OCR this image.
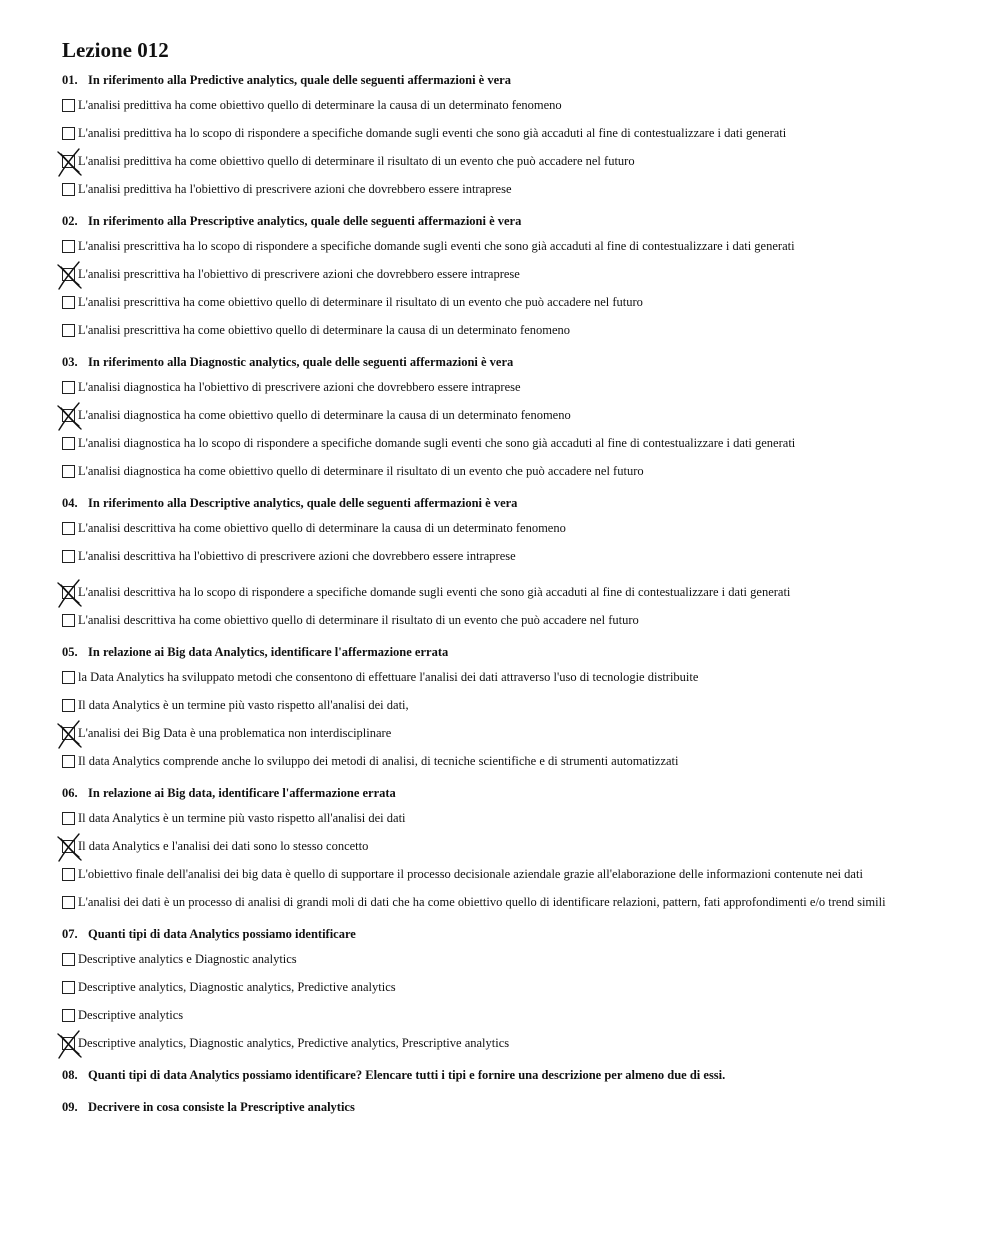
Lezione 012
01. In riferimento alla Predictive analytics, quale delle seguenti affermazioni è vera
L'analisi predittiva ha come obiettivo quello di determinare la causa di un determinato fenomeno
L'analisi predittiva ha lo scopo di rispondere a specifiche domande sugli eventi che sono già accaduti al fine di contestualizzare i dati generati
L'analisi predittiva ha come obiettivo quello di determinare il risultato di un evento che può accadere nel futuro
L'analisi predittiva ha l'obiettivo di prescrivere azioni che dovrebbero essere intraprese
02. In riferimento alla Prescriptive analytics, quale delle seguenti affermazioni è vera
L'analisi prescrittiva ha lo scopo di rispondere a specifiche domande sugli eventi che sono già accaduti al fine di contestualizzare i dati generati
L'analisi prescrittiva ha l'obiettivo di prescrivere azioni che dovrebbero essere intraprese
L'analisi prescrittiva ha come obiettivo quello di determinare il risultato di un evento che può accadere nel futuro
L'analisi prescrittiva ha come obiettivo quello di determinare la causa di un determinato fenomeno
03. In riferimento alla Diagnostic analytics, quale delle seguenti affermazioni è vera
L'analisi diagnostica ha l'obiettivo di prescrivere azioni che dovrebbero essere intraprese
L'analisi diagnostica ha come obiettivo quello di determinare la causa di un determinato fenomeno
L'analisi diagnostica ha lo scopo di rispondere a specifiche domande sugli eventi che sono già accaduti al fine di contestualizzare i dati generati
L'analisi diagnostica ha come obiettivo quello di determinare il risultato di un evento che può accadere nel futuro
04. In riferimento alla Descriptive analytics, quale delle seguenti affermazioni è vera
L'analisi descrittiva ha come obiettivo quello di determinare la causa di un determinato fenomeno
L'analisi descrittiva ha l'obiettivo di prescrivere azioni che dovrebbero essere intraprese
L'analisi descrittiva ha lo scopo di rispondere a specifiche domande sugli eventi che sono già accaduti al fine di contestualizzare i dati generati
L'analisi descrittiva ha come obiettivo quello di determinare il risultato di un evento che può accadere nel futuro
05. In relazione ai Big data Analytics, identificare l'affermazione errata
la Data Analytics ha sviluppato metodi che consentono di effettuare l'analisi dei dati attraverso l'uso di tecnologie distribuite
Il data Analytics è un termine più vasto rispetto all'analisi dei dati,
L'analisi dei Big Data è una problematica non interdisciplinare
Il data Analytics comprende anche lo sviluppo dei metodi di analisi, di tecniche scientifiche e di strumenti automatizzati
06. In relazione ai Big data, identificare l'affermazione errata
Il data Analytics è un termine più vasto rispetto all'analisi dei dati
Il data Analytics e l'analisi dei dati sono lo stesso concetto
L'obiettivo finale dell'analisi dei big data è quello di supportare il processo decisionale aziendale grazie all'elaborazione delle informazioni contenute nei dati
L'analisi dei dati è un processo di analisi di grandi moli di dati che ha come obiettivo quello di identificare relazioni, pattern, fati approfondimenti e/o trend simili
07. Quanti tipi di data Analytics possiamo identificare
Descriptive analytics e Diagnostic analytics
Descriptive analytics, Diagnostic analytics, Predictive analytics
Descriptive analytics
Descriptive analytics, Diagnostic analytics, Predictive analytics, Prescriptive analytics
08. Quanti tipi di data Analytics possiamo identificare? Elencare tutti i tipi e fornire una descrizione per almeno due di essi.
09. Decrivere in cosa consiste la Prescriptive analytics
